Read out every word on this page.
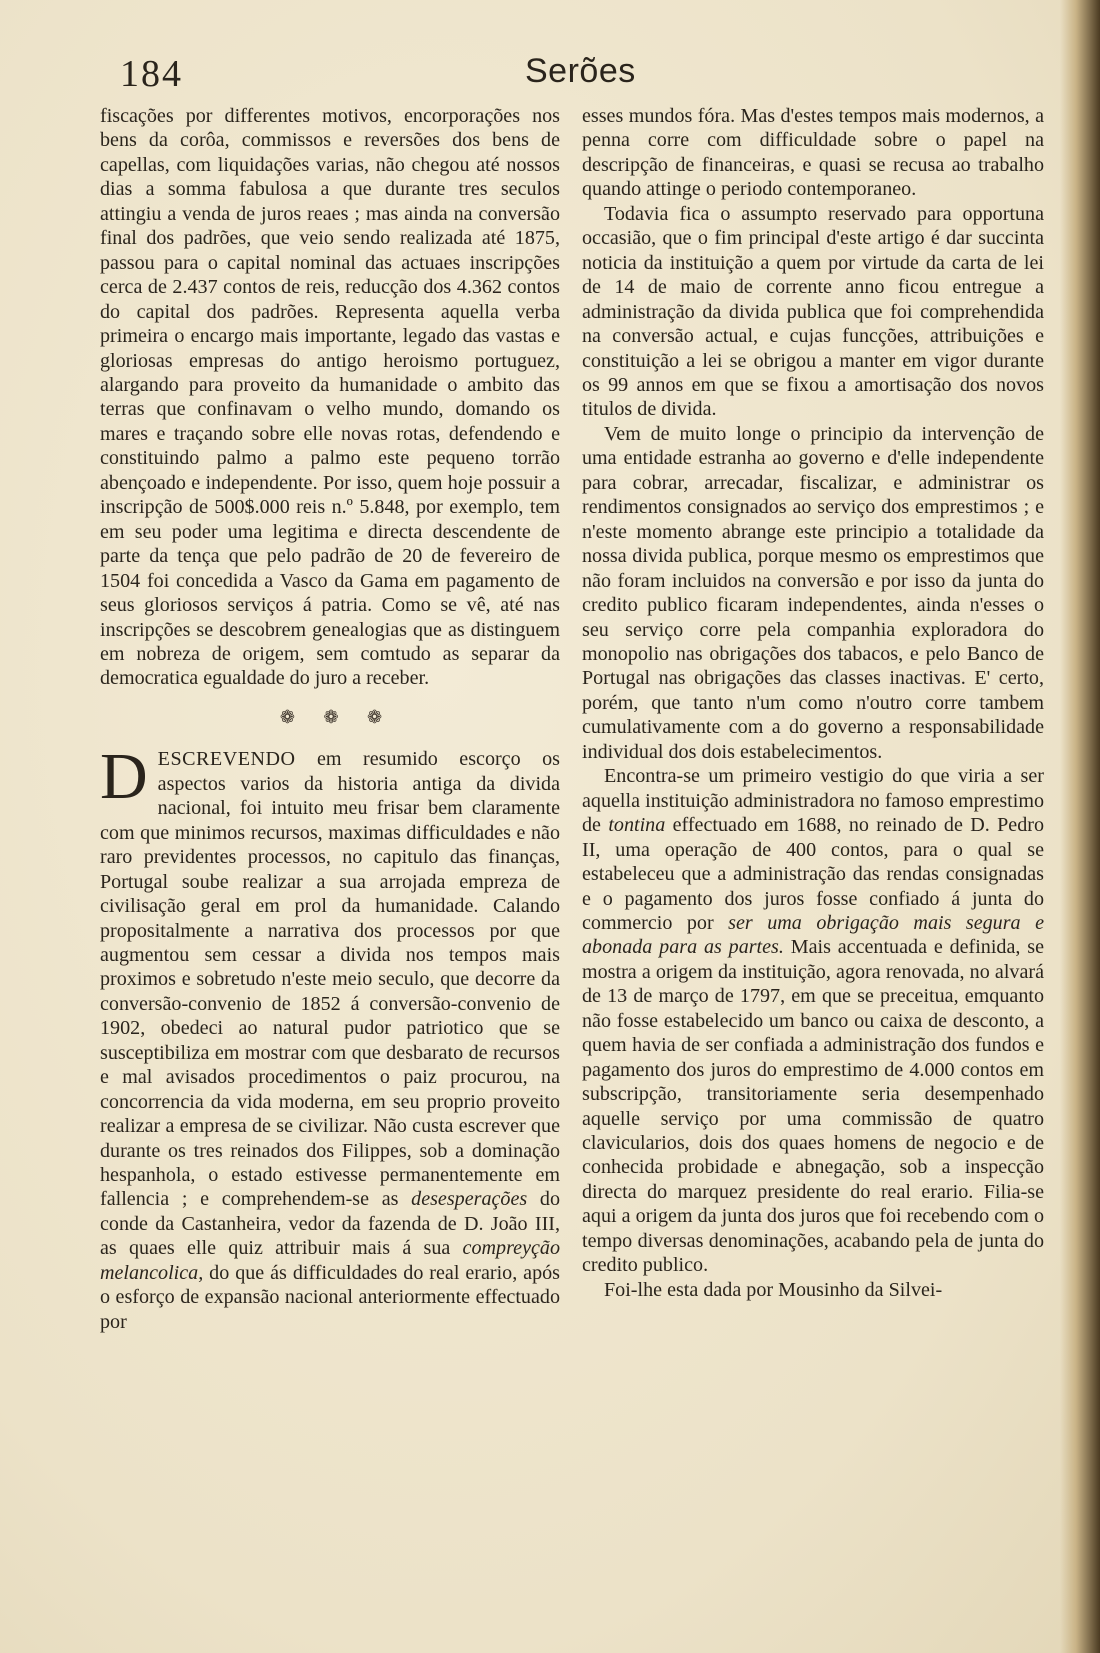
184	Serões

fiscações por differentes motivos, encorporações nos bens da corôa, commissos e reversões dos bens de capellas, com liquidações varias, não chegou até nossos dias a somma fabulosa a que durante tres seculos attingiu a venda de juros reaes ; mas ainda na conversão final dos padrões, que veio sendo realizada até 1875, passou para o capital nominal das actuaes inscripções cerca de 2.437 contos de reis, reducção dos 4.362 contos do capital dos padrões. Representa aquella verba primeira o encargo mais importante, legado das vastas e gloriosas empresas do antigo heroismo portuguez, alargando para proveito da humanidade o ambito das terras que confinavam o velho mundo, domando os mares e traçando sobre elle novas rotas, defendendo e constituindo palmo a palmo este pequeno torrão abençoado e independente. Por isso, quem hoje possuir a inscripção de 500$.000 reis n.º 5.848, por exemplo, tem em seu poder uma legitima e directa descendente de parte da tença que pelo padrão de 20 de fevereiro de 1504 foi concedida a Vasco da Gama em pagamento de seus gloriosos serviços á patria. Como se vê, até nas inscripções se descobrem genealogias que as distinguem em nobreza de origem, sem comtudo as separar da democratica egualdade do juro a receber.

❁ ❁ ❁

DESCREVENDO em resumido escorço os aspectos varios da historia antiga da divida nacional, foi intuito meu frisar bem claramente com que minimos recursos, maximas difficuldades e não raro previdentes processos, no capitulo das finanças, Portugal soube realizar a sua arrojada empreza de civilisação geral em prol da humanidade. Calando propositalmente a narrativa dos processos por que augmentou sem cessar a divida nos tempos mais proximos e sobretudo n'este meio seculo, que decorre da conversão-convenio de 1852 á conversão-convenio de 1902, obedeci ao natural pudor patriotico que se susceptibiliza em mostrar com que desbarato de recursos e mal avisados procedimentos o paiz procurou, na concorrencia da vida moderna, em seu proprio proveito realizar a empresa de se civilizar. Não custa escrever que durante os tres reinados dos Filippes, sob a dominação hespanhola, o estado estivesse permanentemente em fallencia ; e comprehendem-se as desesperações do conde da Castanheira, vedor da fazenda de D. João III, as quaes elle quiz attribuir mais á sua compreyção melancolica, do que ás difficuldades do real erario, após o esforço de expansão nacional anteriormente effectuado por

esses mundos fóra. Mas d'estes tempos mais modernos, a penna corre com difficuldade sobre o papel na descripção de financeiras, e quasi se recusa ao trabalho quando attinge o periodo contemporaneo.

Todavia fica o assumpto reservado para opportuna occasião, que o fim principal d'este artigo é dar succinta noticia da instituição a quem por virtude da carta de lei de 14 de maio de corrente anno ficou entregue a administração da divida publica que foi comprehendida na conversão actual, e cujas funcções, attribuições e constituição a lei se obrigou a manter em vigor durante os 99 annos em que se fixou a amortisação dos novos titulos de divida.

Vem de muito longe o principio da intervenção de uma entidade estranha ao governo e d'elle independente para cobrar, arrecadar, fiscalizar, e administrar os rendimentos consignados ao serviço dos emprestimos ; e n'este momento abrange este principio a totalidade da nossa divida publica, porque mesmo os emprestimos que não foram incluidos na conversão e por isso da junta do credito publico ficaram independentes, ainda n'esses o seu serviço corre pela companhia exploradora do monopolio nas obrigações dos tabacos, e pelo Banco de Portugal nas obrigações das classes inactivas. E' certo, porém, que tanto n'um como n'outro corre tambem cumulativamente com a do governo a responsabilidade individual dos dois estabelecimentos.

Encontra-se um primeiro vestigio do que viria a ser aquella instituição administradora no famoso emprestimo de tontina effectuado em 1688, no reinado de D. Pedro II, uma operação de 400 contos, para o qual se estabeleceu que a administração das rendas consignadas e o pagamento dos juros fosse confiado á junta do commercio por ser uma obrigação mais segura e abonada para as partes. Mais accentuada e definida, se mostra a origem da instituição, agora renovada, no alvará de 13 de março de 1797, em que se preceitua, emquanto não fosse estabelecido um banco ou caixa de desconto, a quem havia de ser confiada a administração dos fundos e pagamento dos juros do emprestimo de 4.000 contos em subscripção, transitoriamente seria desempenhado aquelle serviço por uma commissão de quatro clavicularios, dois dos quaes homens de negocio e de conhecida probidade e abnegação, sob a inspecção directa do marquez presidente do real erario. Filia-se aqui a origem da junta dos juros que foi recebendo com o tempo diversas denominações, acabando pela de junta do credito publico.

Foi-lhe esta dada por Mousinho da Silvei-
